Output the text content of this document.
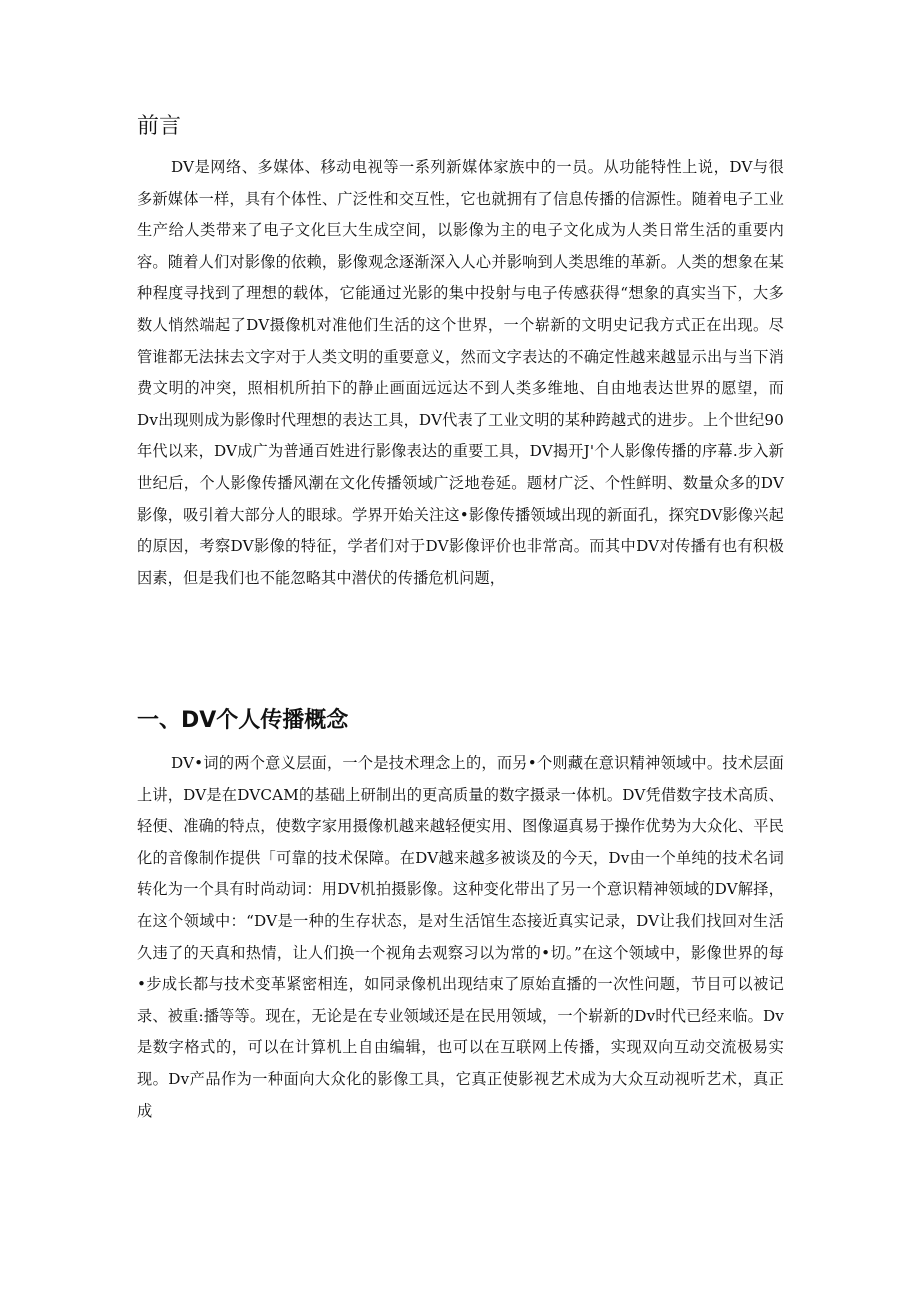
前言
DV是网络、多媒体、移动电视等一系列新媒体家族中的一员。从功能特性上说，DV与很多新媒体一样，具有个体性、广泛性和交互性，它也就拥有了信息传播的信源性。随着电子工业生产给人类带来了电子文化巨大生成空间，以影像为主的电子文化成为人类日常生活的重要内容。随着人们对影像的依赖，影像观念逐渐深入人心并影响到人类思维的革新。人类的想象在某种程度寻找到了理想的载体，它能通过光影的集中投射与电子传感获得“想象的真实当下，大多数人悄然端起了DV摄像机对准他们生活的这个世界，一个崭新的文明史记我方式正在出现。尽管谁都无法抹去文字对于人类文明的重要意义，然而文字表达的不确定性越来越显示出与当下消费文明的冲突，照相机所拍下的静止画面远远达不到人类多维地、自由地表达世界的愿望，而Dv出现则成为影像时代理想的表达工具，DV代表了工业文明的某种跨越式的进步。上个世纪90年代以来，DV成广为普通百姓进行影像表达的重要工具，DV揭开J'个人影像传播的序幕.步入新世纪后，个人影像传播风潮在文化传播领域广泛地卷延。题材广泛、个性鲜明、数量众多的DV影像，吸引着大部分人的眼球。学界开始关注这•影像传播领域出现的新面孔，探究DV影像兴起的原因，考察DV影像的特征，学者们对于DV影像评价也非常高。而其中DV对传播有也有积极因素，但是我们也不能忽略其中潜伏的传播危机问题，
一、DV个人传播概念
DV•词的两个意义层面，一个是技术理念上的，而另•个则藏在意识精神领域中。技术层面上讲，DV是在DVCAM的基础上研制出的更高质量的数字摄录一体机。DV凭借数字技术高质、轻便、准确的特点，使数字家用摄像机越来越轻便实用、图像逼真易于操作优势为大众化、平民化的音像制作提供「可靠的技术保障。在DV越来越多被谈及的今天，Dv由一个单纯的技术名词转化为一个具有时尚动词：用DV机拍摄影像。这种变化带出了另一个意识精神领域的DV解择，在这个领域中：“DV是一种的生存状态，是对生活馆生态接近真实记录，DV让我们找回对生活久违了的天真和热情，让人们换一个视角去观察习以为常的•切。”在这个领域中，影像世界的每•步成长都与技术变革紧密相连，如同录像机出现结束了原始直播的一次性问题，节目可以被记录、被重:播等等。现在，无论是在专业领域还是在民用领域，一个崭新的Dv时代已经来临。Dv是数字格式的，可以在计算机上自由编辑，也可以在互联网上传播，实现双向互动交流极易实现。Dv产品作为一种面向大众化的影像工具，它真正使影视艺术成为大众互动视听艺术，真正成
